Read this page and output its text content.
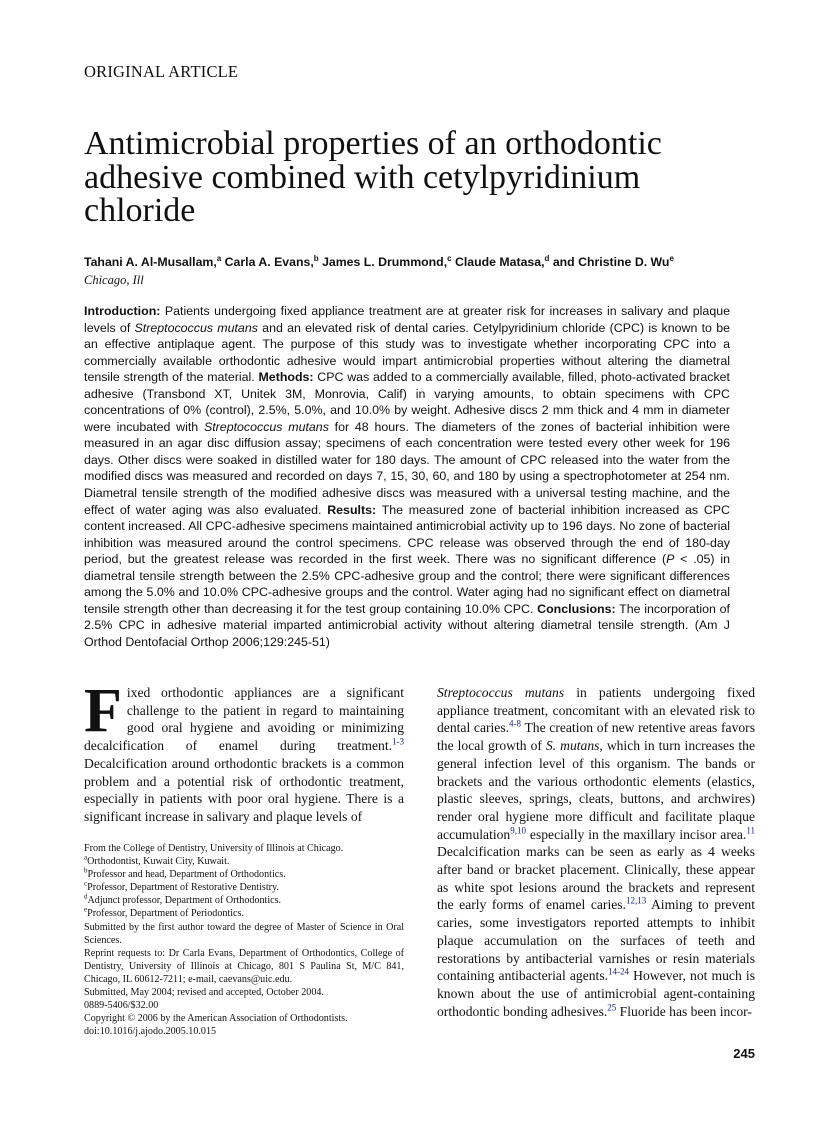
ORIGINAL ARTICLE
Antimicrobial properties of an orthodontic adhesive combined with cetylpyridinium chloride
Tahani A. Al-Musallam,$^a$ Carla A. Evans,$^b$ James L. Drummond,$^c$ Claude Matasa,$^d$ and Christine D. Wu$^e$
Chicago, Ill
Introduction: Patients undergoing fixed appliance treatment are at greater risk for increases in salivary and plaque levels of Streptococcus mutans and an elevated risk of dental caries. Cetylpyridinium chloride (CPC) is known to be an effective antiplaque agent. The purpose of this study was to investigate whether incorporating CPC into a commercially available orthodontic adhesive would impart antimicrobial properties without altering the diametral tensile strength of the material. Methods: CPC was added to a commercially available, filled, photo-activated bracket adhesive (Transbond XT, Unitek 3M, Monrovia, Calif) in varying amounts, to obtain specimens with CPC concentrations of 0% (control), 2.5%, 5.0%, and 10.0% by weight. Adhesive discs 2 mm thick and 4 mm in diameter were incubated with Streptococcus mutans for 48 hours. The diameters of the zones of bacterial inhibition were measured in an agar disc diffusion assay; specimens of each concentration were tested every other week for 196 days. Other discs were soaked in distilled water for 180 days. The amount of CPC released into the water from the modified discs was measured and recorded on days 7, 15, 30, 60, and 180 by using a spectrophotometer at 254 nm. Diametral tensile strength of the modified adhesive discs was measured with a universal testing machine, and the effect of water aging was also evaluated. Results: The measured zone of bacterial inhibition increased as CPC content increased. All CPC-adhesive specimens maintained antimicrobial activity up to 196 days. No zone of bacterial inhibition was measured around the control specimens. CPC release was observed through the end of 180-day period, but the greatest release was recorded in the first week. There was no significant difference (P < .05) in diametral tensile strength between the 2.5% CPC-adhesive group and the control; there were significant differences among the 5.0% and 10.0% CPC-adhesive groups and the control. Water aging had no significant effect on diametral tensile strength other than decreasing it for the test group containing 10.0% CPC. Conclusions: The incorporation of 2.5% CPC in adhesive material imparted antimicrobial activity without altering diametral tensile strength. (Am J Orthod Dentofacial Orthop 2006;129:245-51)
Fixed orthodontic appliances are a significant challenge to the patient in regard to maintaining good oral hygiene and avoiding or minimizing decalcification of enamel during treatment.$^{1-3}$ Decalcification around orthodontic brackets is a common problem and a potential risk of orthodontic treatment, especially in patients with poor oral hygiene. There is a significant increase in salivary and plaque levels of
From the College of Dentistry, University of Illinois at Chicago.
$^a$Orthodontist, Kuwait City, Kuwait.
$^b$Professor and head, Department of Orthodontics.
$^c$Professor, Department of Restorative Dentistry.
$^d$Adjunct professor, Department of Orthodontics.
$^e$Professor, Department of Periodontics.
Submitted by the first author toward the degree of Master of Science in Oral Sciences.
Reprint requests to: Dr Carla Evans, Department of Orthodontics, College of Dentistry, University of Illinois at Chicago, 801 S Paulina St, M/C 841, Chicago, IL 60612-7211; e-mail, caevans@uic.edu.
Submitted, May 2004; revised and accepted, October 2004.
0889-5406/$32.00
Copyright © 2006 by the American Association of Orthodontists.
doi:10.1016/j.ajodo.2005.10.015
Streptococcus mutans in patients undergoing fixed appliance treatment, concomitant with an elevated risk to dental caries.$^{4-8}$ The creation of new retentive areas favors the local growth of S. mutans, which in turn increases the general infection level of this organism. The bands or brackets and the various orthodontic elements (elastics, plastic sleeves, springs, cleats, buttons, and archwires) render oral hygiene more difficult and facilitate plaque accumulation$^{9,10}$ especially in the maxillary incisor area.$^{11}$ Decalcification marks can be seen as early as 4 weeks after band or bracket placement. Clinically, these appear as white spot lesions around the brackets and represent the early forms of enamel caries.$^{12,13}$ Aiming to prevent caries, some investigators reported attempts to inhibit plaque accumulation on the surfaces of teeth and restorations by antibacterial varnishes or resin materials containing antibacterial agents.$^{14-24}$ However, not much is known about the use of antimicrobial agent-containing orthodontic bonding adhesives.$^{25}$ Fluoride has been incor-
245
